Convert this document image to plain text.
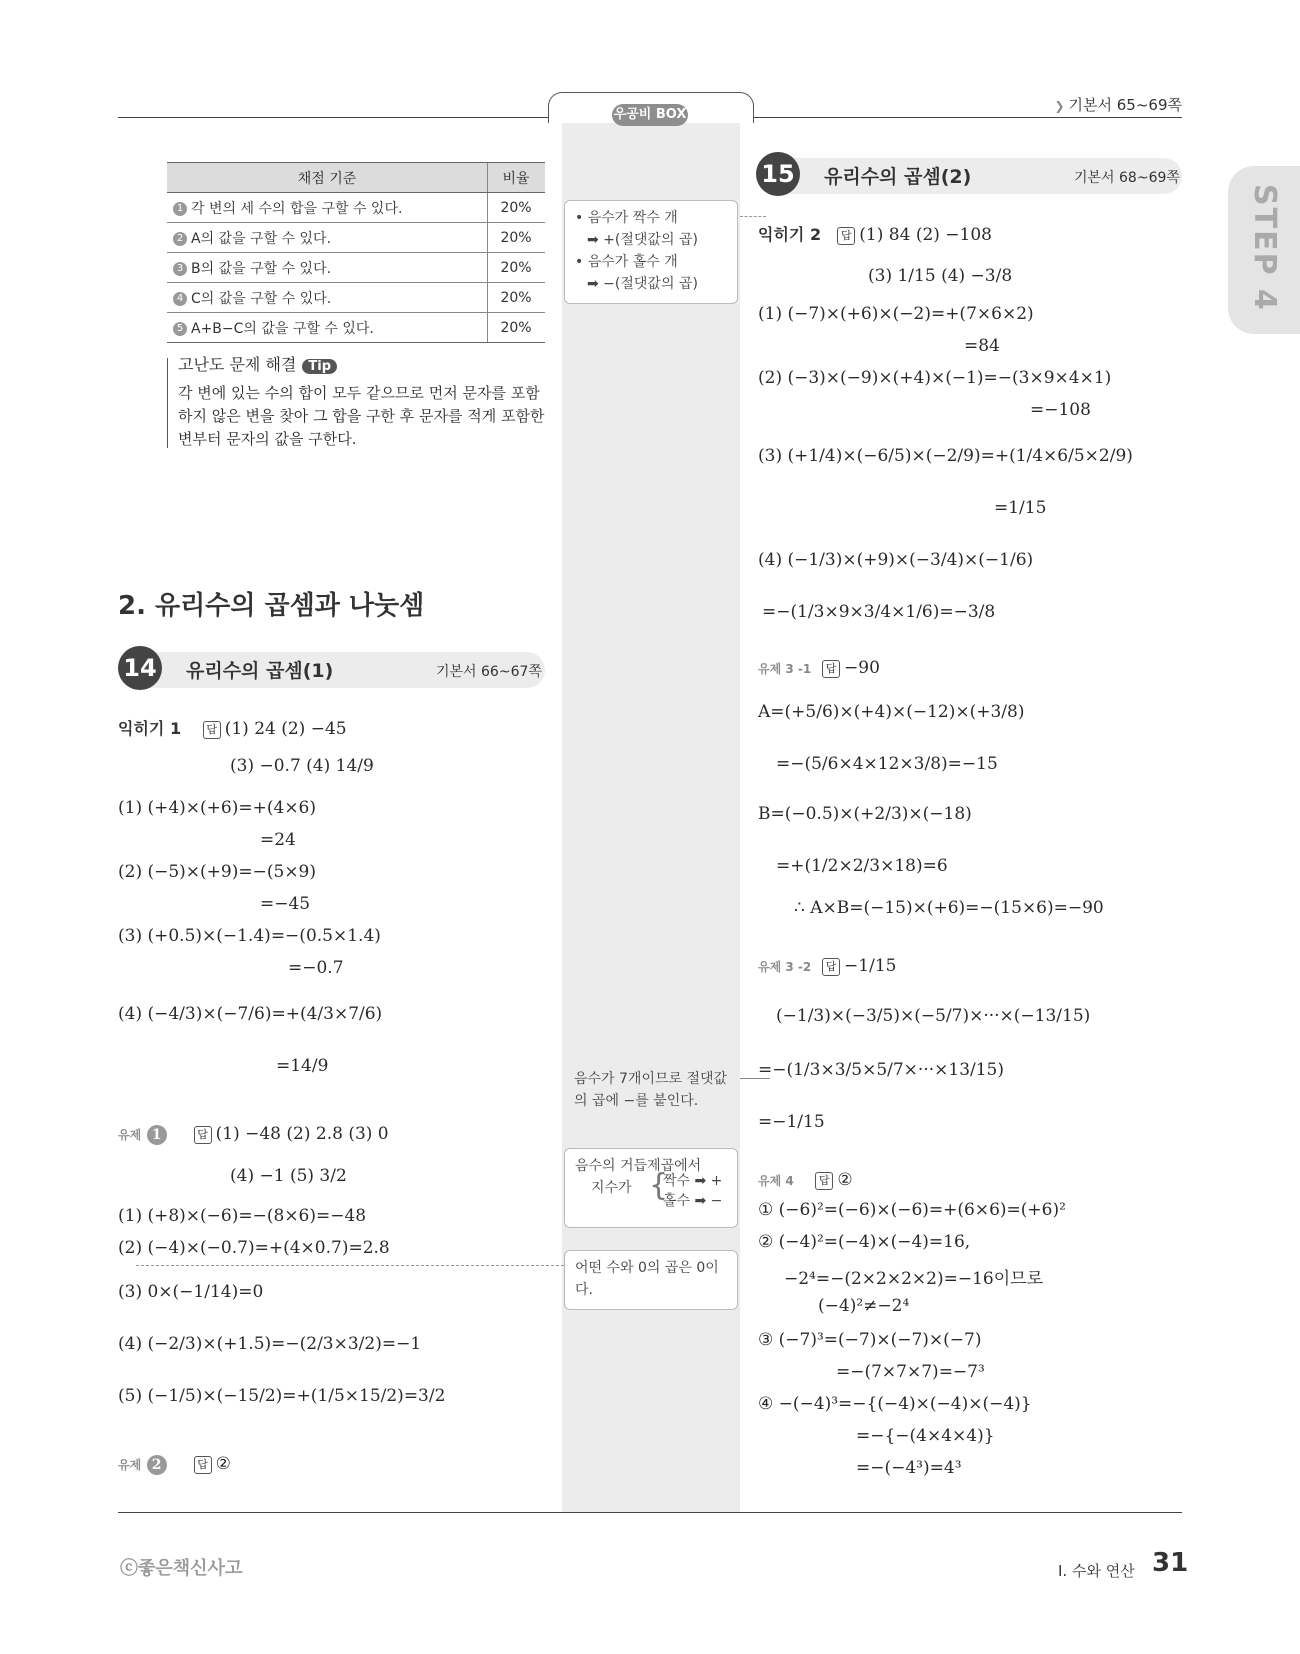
우공비 BOX
❯ 기본서 65~69쪽
STEP 4
채점 기준	비율
1 각 변의 세 수의 합을 구할 수 있다.	20%
2 A의 값을 구할 수 있다.	20%
3 B의 값을 구할 수 있다.	20%
4 C의 값을 구할 수 있다.	20%
5 A+B−C의 값을 구할 수 있다.	20%
고난도 문제 해결 Tip
각 변에 있는 수의 합이 모두 같으므로 먼저 문자를 포함하지 않은 변을 찾아 그 합을 구한 후 문자를 적게 포함한 변부터 문자의 값을 구한다.
2. 유리수의 곱셈과 나눗셈
14 유리수의 곱셈(1)	기본서 66~67쪽
익히기 1 답 (1) 24 (2) −45
(3) −0.7 (4) 14/9
(1) (+4)×(+6)=+(4×6)
=24
(2) (−5)×(+9)=−(5×9)
=−45
(3) (+0.5)×(−1.4)=−(0.5×1.4)
=−0.7
(4) (−4/3)×(−7/6)=+(4/3×7/6)
=14/9
유제 1	답 (1) −48 (2) 2.8 (3) 0
(4) −1 (5) 3/2
(1) (+8)×(−6)=−(8×6)=−48
(2) (−4)×(−0.7)=+(4×0.7)=2.8
(3) 0×(−1/14)=0
(4) (−2/3)×(+1.5)=−(2/3×3/2)=−1
(5) (−1/5)×(−15/2)=+(1/5×15/2)=3/2
유제 2	답 ②
• 음수가 짝수 개
➡ +(절댓값의 곱)
• 음수가 홀수 개
➡ −(절댓값의 곱)
음수가 7개이므로 절댓값의 곱에 −를 붙인다.
음수의 거듭제곱에서
지수가 {
짝수 ➡ +
홀수 ➡ −
어떤 수와 0의 곱은 0이다.
15 유리수의 곱셈(2)	기본서 68~69쪽
익히기 2 답 (1) 84 (2) −108
(3) 1/15 (4) −3/8
(1) (−7)×(+6)×(−2)=+(7×6×2)
=84
(2) (−3)×(−9)×(+4)×(−1)=−(3×9×4×1)
=−108
(3) (+1/4)×(−6/5)×(−2/9)=+(1/4×6/5×2/9)
=1/15
(4) (−1/3)×(+9)×(−3/4)×(−1/6)
=−(1/3×9×3/4×1/6)=−3/8
유제 3 -1 답 −90
A=(+5/6)×(+4)×(−12)×(+3/8)
=−(5/6×4×12×3/8)=−15
B=(−0.5)×(+2/3)×(−18)
=+(1/2×2/3×18)=6
∴ A×B=(−15)×(+6)=−(15×6)=−90
유제 3 -2 답 −1/15
(−1/3)×(−3/5)×(−5/7)×···×(−13/15)
=−(1/3×3/5×5/7×···×13/15)
=−1/15
유제 4 답 ②
① (−6)²=(−6)×(−6)=+(6×6)=(+6)²
② (−4)²=(−4)×(−4)=16,
−2⁴=−(2×2×2×2)=−16이므로
(−4)²≠−2⁴
③ (−7)³=(−7)×(−7)×(−7)
=−(7×7×7)=−7³
④ −(−4)³=−{(−4)×(−4)×(−4)}
=−{−(4×4×4)}
=−(−4³)=4³
ⓒ좋은책신사고	Ⅰ. 수와 연산 31
